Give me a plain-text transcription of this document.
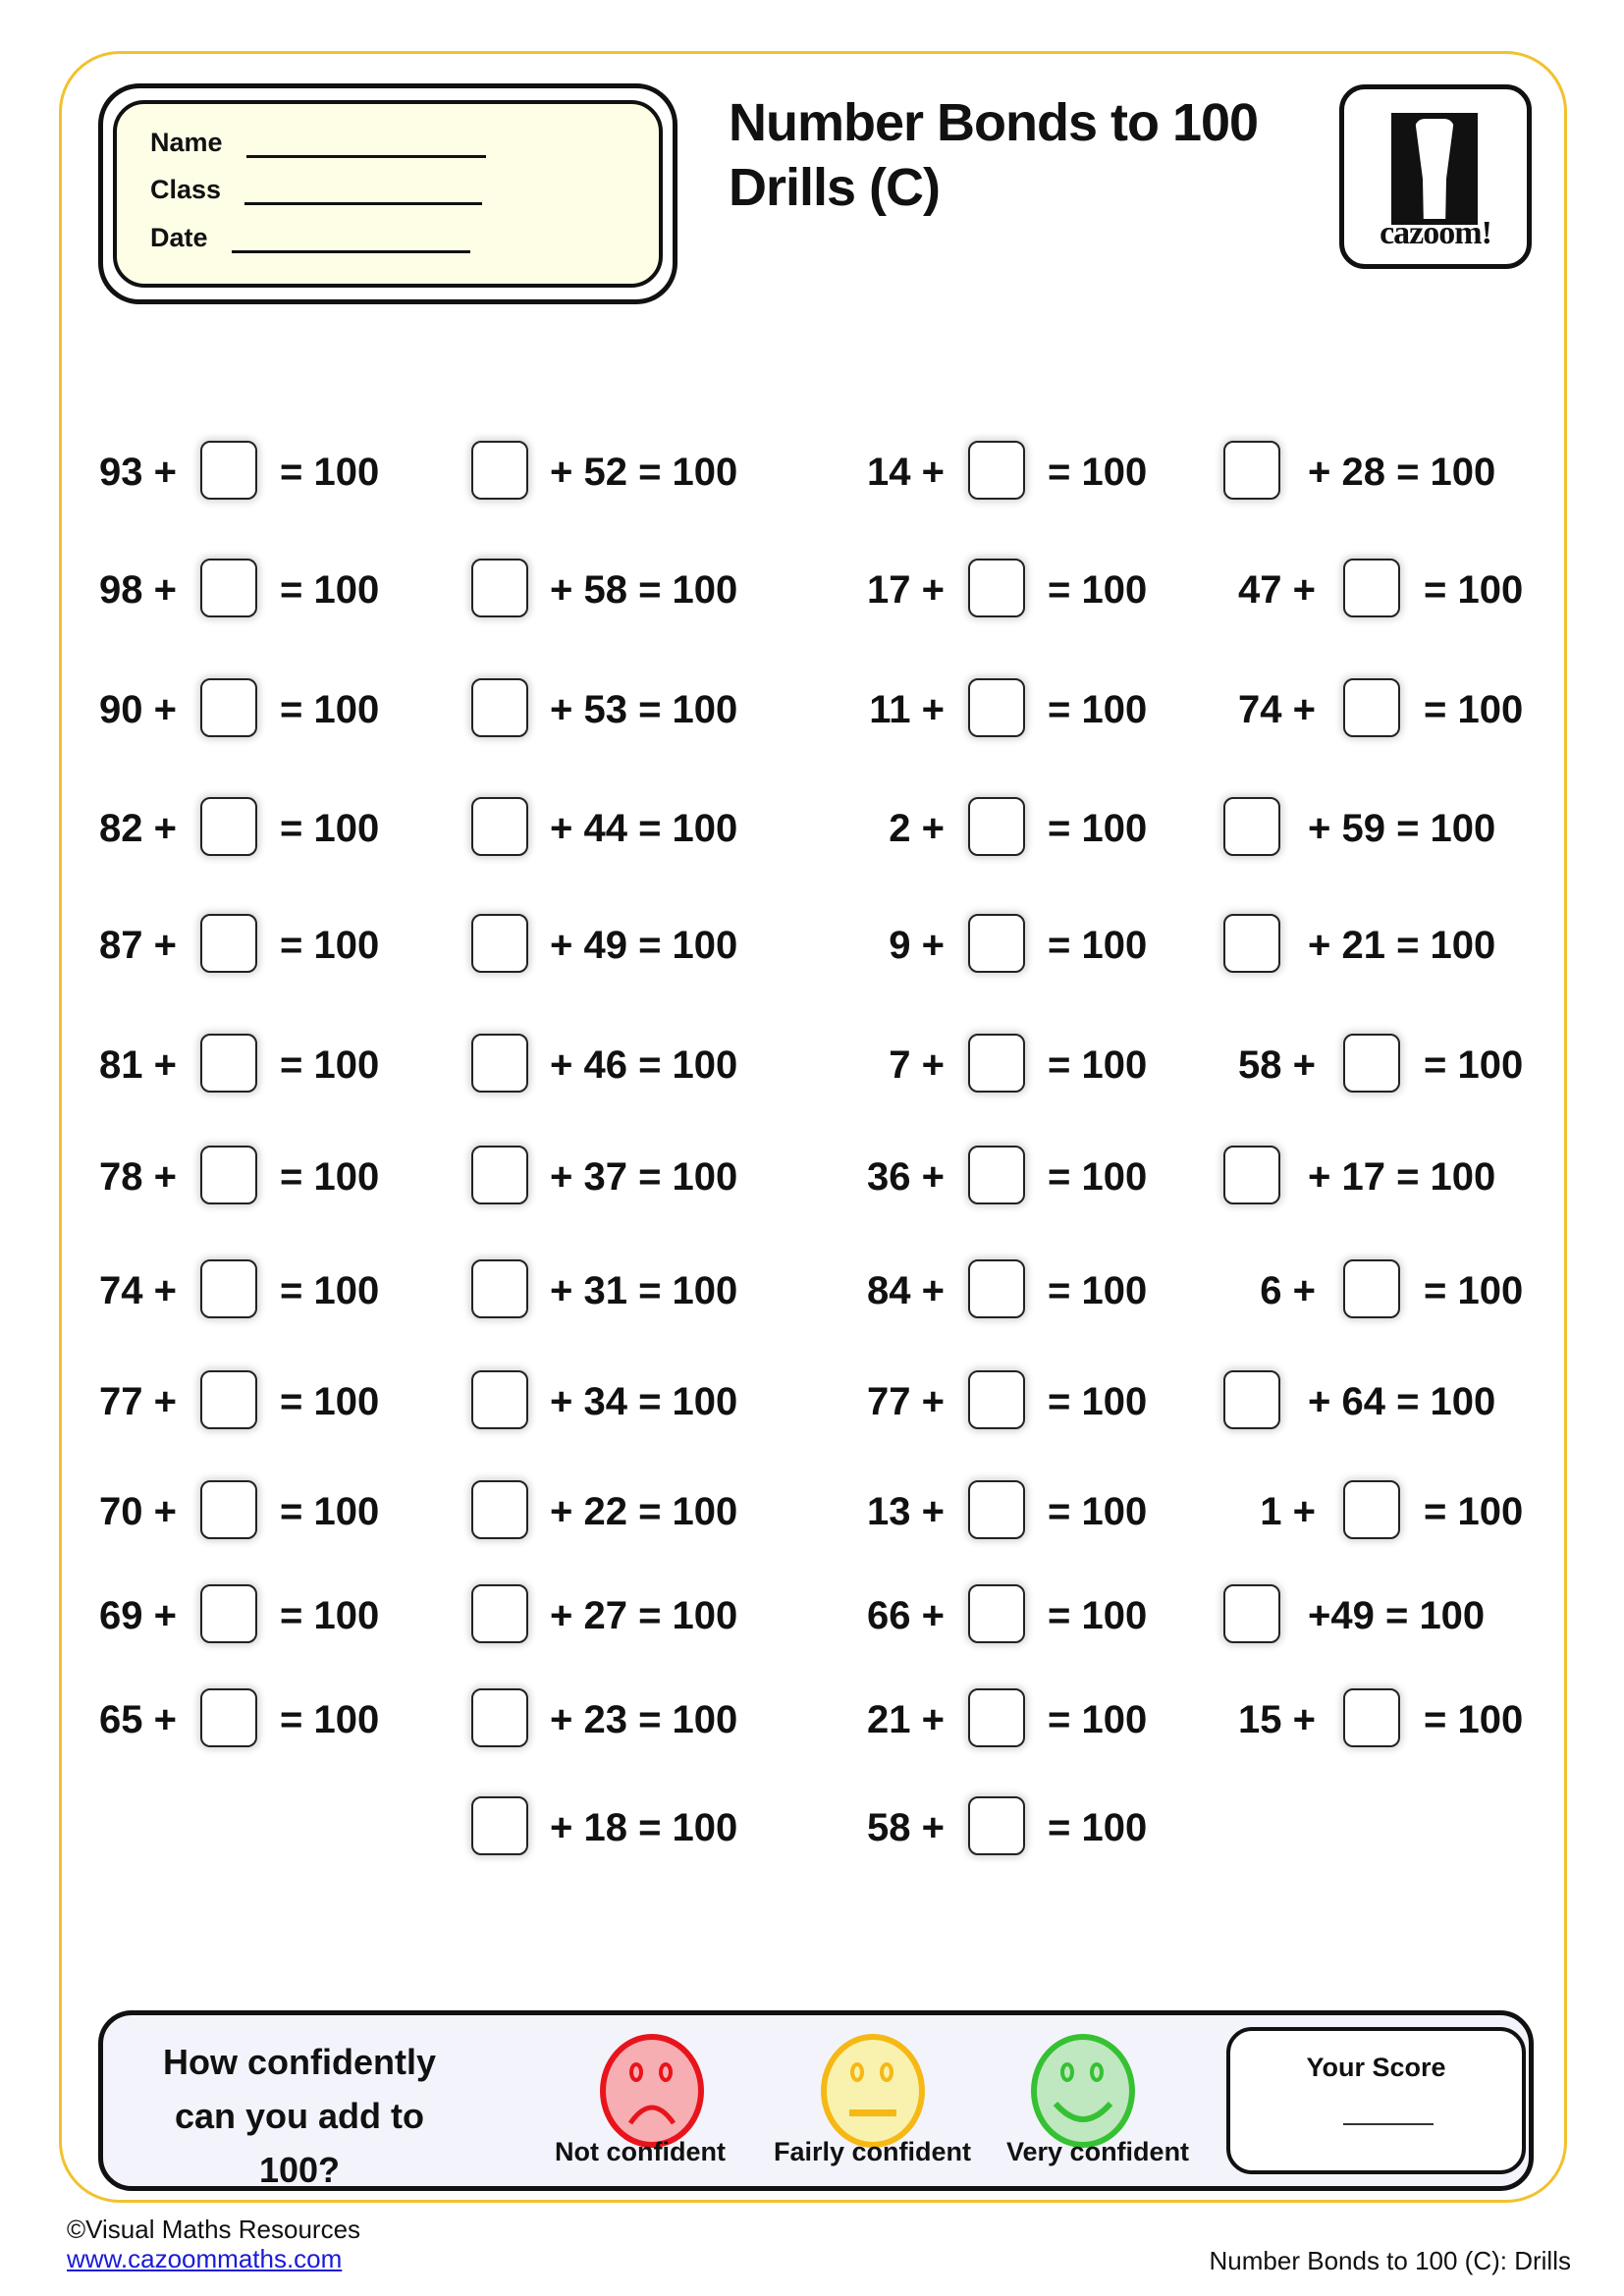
Name
Class
Date
Number Bonds to 100
Drills (C)
cazoom!
93 +	= 100
98 +	= 100
90 +	= 100
82 +	= 100
87 +	= 100
81 +	= 100
78 +	= 100
74 +	= 100
77 +	= 100
70 +	= 100
69 +	= 100
65 +	= 100
14 +	= 100
17 +	= 100
11 +	= 100
2 +	= 100
9 +	= 100
7 +	= 100
36 +	= 100
84 +	= 100
77 +	= 100
13 +	= 100
66 +	= 100
21 +	= 100
58 +	= 100
+ 52 = 100
+ 58 = 100
+ 53 = 100
+ 44 = 100
+ 49 = 100
+ 46 = 100
+ 37 = 100
+ 31 = 100
+ 34 = 100
+ 22 = 100
+ 27 = 100
+ 23 = 100
+ 18 = 100
+ 28 = 100
47 +	= 100
74 +	= 100
+ 59 = 100
+ 21 = 100
58 +	= 100
+ 17 = 100
6 +	= 100
+ 64 = 100
1 +	= 100
+49 = 100
15 +	= 100
How confidently
can you add to 100?	Not confident Fairly confident Very confident
Your Score
©Visual Maths Resources
www.cazoommaths.com	Number Bonds to 100 (C): Drills
